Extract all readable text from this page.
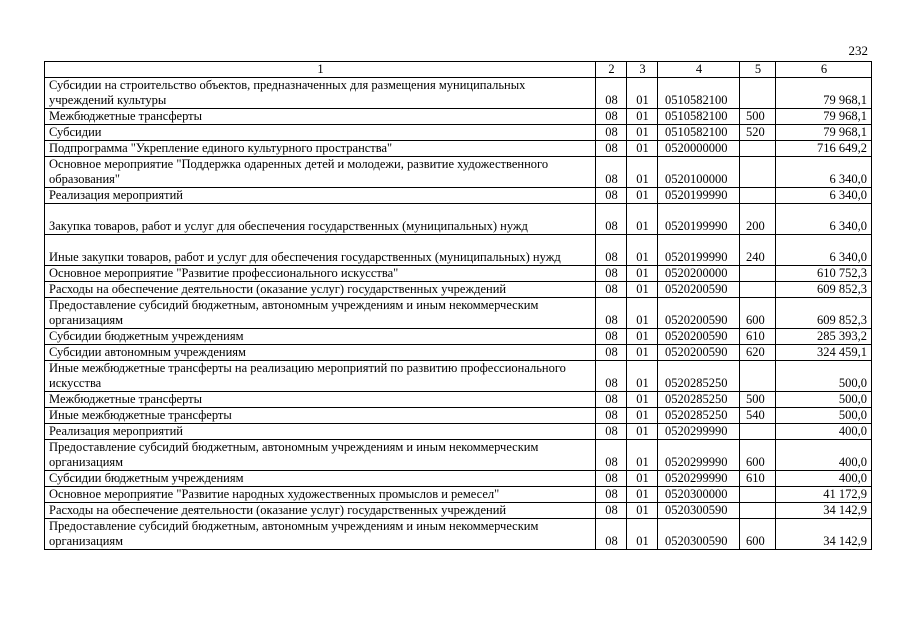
232
1	2	3	4	5	6
Субсидии на строительство объектов, предназначенных для размещения муниципальных учреждений культуры	08	01	0510582100		79 968,1
Межбюджетные трансферты	08	01	0510582100	500	79 968,1
Субсидии	08	01	0510582100	520	79 968,1
Подпрограмма "Укрепление единого культурного пространства"	08	01	0520000000		716 649,2
Основное мероприятие "Поддержка одаренных детей и молодежи, развитие художественного образования"	08	01	0520100000		6 340,0
Реализация мероприятий	08	01	0520199990		6 340,0
Закупка товаров, работ и услуг для обеспечения государственных (муниципальных) нужд	08	01	0520199990	200	6 340,0
Иные закупки товаров, работ и услуг для обеспечения государственных (муниципальных) нужд	08	01	0520199990	240	6 340,0
Основное мероприятие "Развитие профессионального искусства"	08	01	0520200000		610 752,3
Расходы на обеспечение деятельности (оказание услуг) государственных учреждений	08	01	0520200590		609 852,3
Предоставление субсидий бюджетным, автономным учреждениям и иным некоммерческим организациям	08	01	0520200590	600	609 852,3
Субсидии бюджетным учреждениям	08	01	0520200590	610	285 393,2
Субсидии автономным учреждениям	08	01	0520200590	620	324 459,1
Иные межбюджетные трансферты на реализацию мероприятий по развитию профессионального искусства	08	01	0520285250		500,0
Межбюджетные трансферты	08	01	0520285250	500	500,0
Иные межбюджетные трансферты	08	01	0520285250	540	500,0
Реализация мероприятий	08	01	0520299990		400,0
Предоставление субсидий бюджетным, автономным учреждениям и иным некоммерческим организациям	08	01	0520299990	600	400,0
Субсидии бюджетным учреждениям	08	01	0520299990	610	400,0
Основное мероприятие "Развитие народных художественных промыслов и ремесел"	08	01	0520300000		41 172,9
Расходы на обеспечение деятельности (оказание услуг) государственных учреждений	08	01	0520300590		34 142,9
Предоставление субсидий бюджетным, автономным учреждениям и иным некоммерческим организациям	08	01	0520300590	600	34 142,9
